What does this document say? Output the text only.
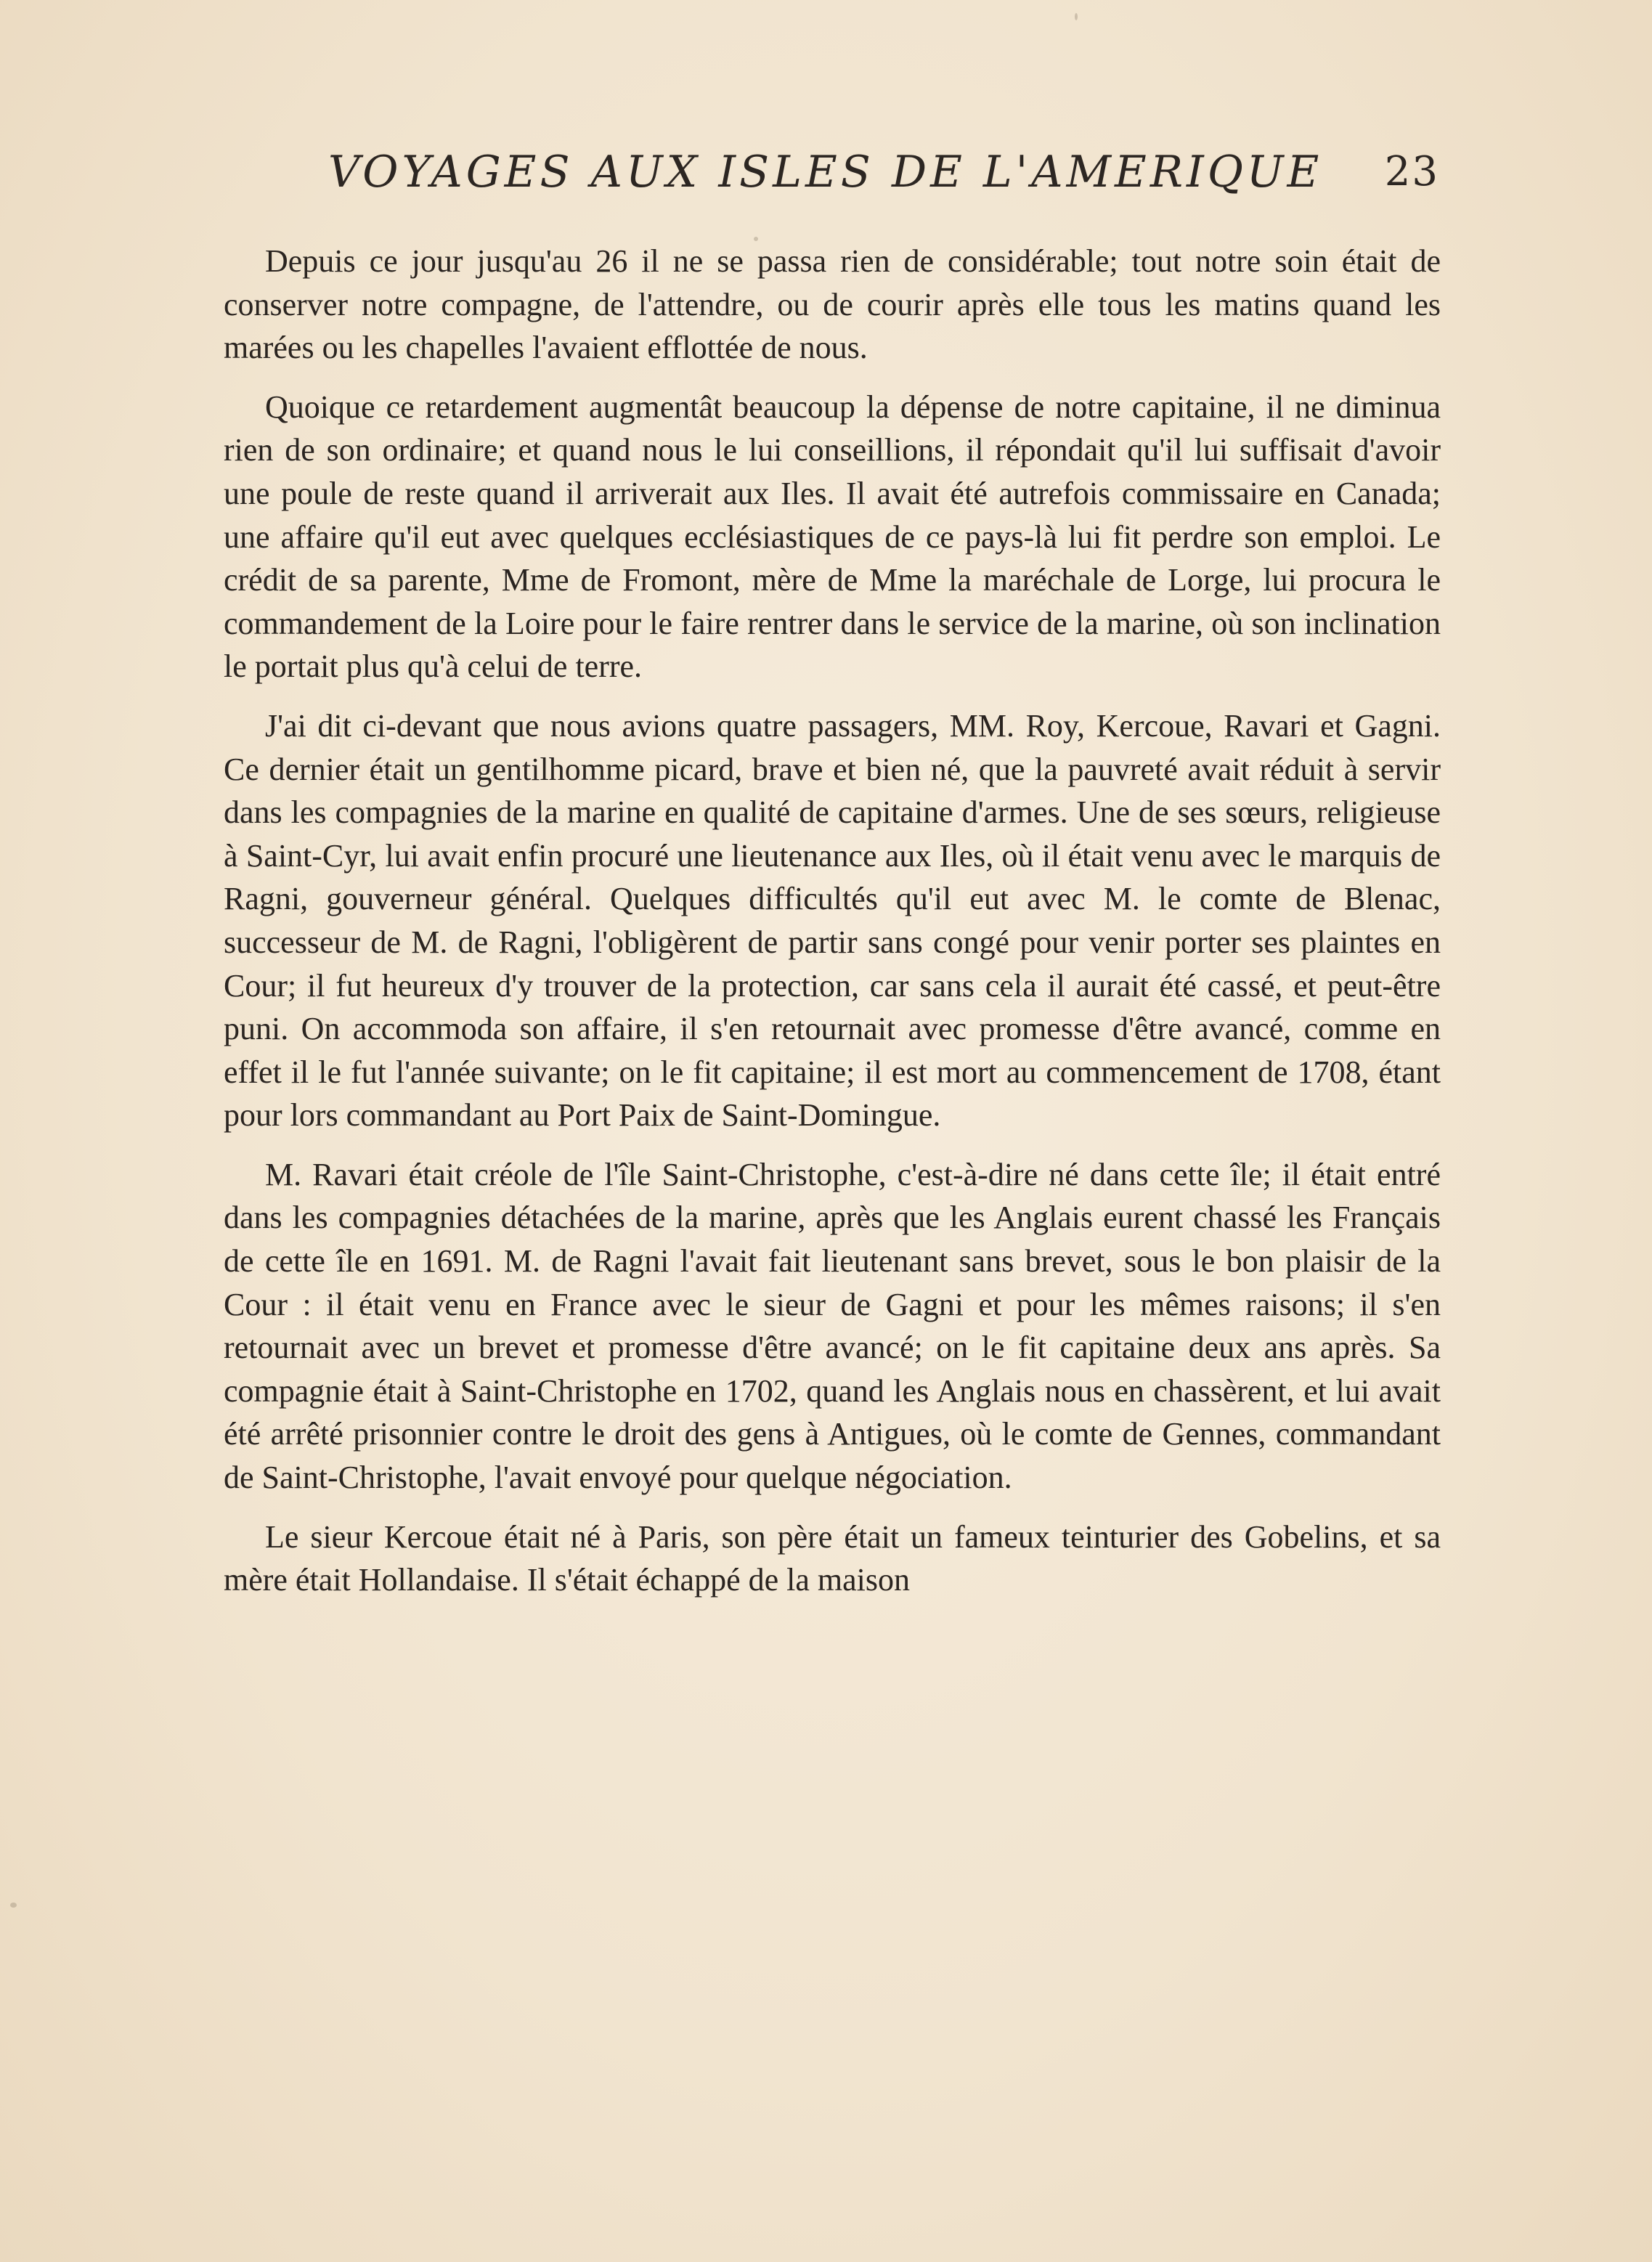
VOYAGES AUX ISLES DE L'AMERIQUE 23

Depuis ce jour jusqu'au 26 il ne se passa rien de considérable; tout notre soin était de conserver notre compagne, de l'attendre, ou de courir après elle tous les matins quand les marées ou les chapelles l'avaient efflottée de nous.

Quoique ce retardement augmentât beaucoup la dépense de notre capitaine, il ne diminua rien de son ordinaire; et quand nous le lui conseillions, il répondait qu'il lui suffisait d'avoir une poule de reste quand il arriverait aux Iles. Il avait été autrefois commissaire en Canada; une affaire qu'il eut avec quelques ecclésiastiques de ce pays-là lui fit perdre son emploi. Le crédit de sa parente, Mme de Fromont, mère de Mme la maréchale de Lorge, lui procura le commandement de la Loire pour le faire rentrer dans le service de la marine, où son inclination le portait plus qu'à celui de terre.

J'ai dit ci-devant que nous avions quatre passagers, MM. Roy, Kercoue, Ravari et Gagni. Ce dernier était un gentilhomme picard, brave et bien né, que la pauvreté avait réduit à servir dans les compagnies de la marine en qualité de capitaine d'armes. Une de ses sœurs, religieuse à Saint-Cyr, lui avait enfin procuré une lieutenance aux Iles, où il était venu avec le marquis de Ragni, gouverneur général. Quelques difficultés qu'il eut avec M. le comte de Blenac, successeur de M. de Ragni, l'obligèrent de partir sans congé pour venir porter ses plaintes en Cour; il fut heureux d'y trouver de la protection, car sans cela il aurait été cassé, et peut-être puni. On accommoda son affaire, il s'en retournait avec promesse d'être avancé, comme en effet il le fut l'année suivante; on le fit capitaine; il est mort au commencement de 1708, étant pour lors commandant au Port Paix de Saint-Domingue.

M. Ravari était créole de l'île Saint-Christophe, c'est-à-dire né dans cette île; il était entré dans les compagnies détachées de la marine, après que les Anglais eurent chassé les Français de cette île en 1691. M. de Ragni l'avait fait lieutenant sans brevet, sous le bon plaisir de la Cour : il était venu en France avec le sieur de Gagni et pour les mêmes raisons; il s'en retournait avec un brevet et promesse d'être avancé; on le fit capitaine deux ans après. Sa compagnie était à Saint-Christophe en 1702, quand les Anglais nous en chassèrent, et lui avait été arrêté prisonnier contre le droit des gens à Antigues, où le comte de Gennes, commandant de Saint-Christophe, l'avait envoyé pour quelque négociation.

Le sieur Kercoue était né à Paris, son père était un fameux teinturier des Gobelins, et sa mère était Hollandaise. Il s'était échappé de la maison
